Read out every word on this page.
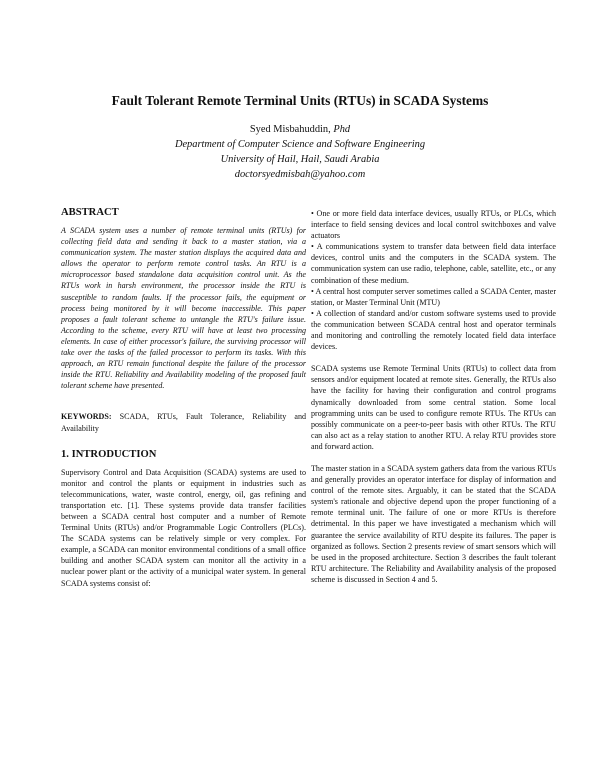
Fault Tolerant Remote Terminal Units (RTUs) in SCADA Systems
Syed Misbahuddin, Phd
Department of Computer Science and Software Engineering
University of Hail, Hail, Saudi Arabia
doctorsyedmisbah@yahoo.com
ABSTRACT

A SCADA system uses a number of remote terminal units (RTUs) for collecting field data and sending it back to a master station, via a communication system. The master station displays the acquired data and allows the operator to perform remote control tasks. An RTU is a microprocessor based standalone data acquisition control unit. As the RTUs work in harsh environment, the processor inside the RTU is susceptible to random faults. If the processor fails, the equipment or process being monitored by it will become inaccessible. This paper proposes a fault tolerant scheme to untangle the RTU's failure issue. According to the scheme, every RTU will have at least two processing elements. In case of either processor's failure, the surviving processor will take over the tasks of the failed processor to perform its tasks. With this approach, an RTU remain functional despite the failure of the processor inside the RTU. Reliability and Availability modeling of the proposed fault tolerant scheme have presented.

KEYWORDS: SCADA, RTUs, Fault Tolerance, Reliability and Availability

1. INTRODUCTION

Supervisory Control and Data Acquisition (SCADA) systems are used to monitor and control the plants or equipment in industries such as telecommunications, water, waste control, energy, oil, gas refining and transportation etc. [1]. These systems provide data transfer facilities between a SCADA central host computer and a number of Remote Terminal Units (RTUs) and/or Programmable Logic Controllers (PLCs). The SCADA systems can be relatively simple or very complex. For example, a SCADA can monitor environmental conditions of a small office building and another SCADA system can monitor all the activity in a nuclear power plant or the activity of a municipal water system. In general SCADA systems consist of:

• One or more field data interface devices, usually RTUs, or PLCs, which interface to field sensing devices and local control switchboxes and valve actuators

• A communications system to transfer data between field data interface devices, control units and the computers in the SCADA system. The communication system can use radio, telephone, cable, satellite, etc., or any combination of these medium.

• A central host computer server sometimes called a SCADA Center, master station, or Master Terminal Unit (MTU)

• A collection of standard and/or custom software systems used to provide the communication between SCADA central host and operator terminals and monitoring and controlling the remotely located field data interface devices.

SCADA systems use Remote Terminal Units (RTUs) to collect data from sensors and/or equipment located at remote sites. Generally, the RTUs also have the facility for having their configuration and control programs dynamically downloaded from some central station. Some local programming units can be used to configure remote RTUs. The RTUs can possibly communicate on a peer-to-peer basis with other RTUs. The RTU can also act as a relay station to another RTU. A relay RTU provides store and forward action.

The master station in a SCADA system gathers data from the various RTUs and generally provides an operator interface for display of information and control of the remote sites. Arguably, it can be stated that the SCADA system's rationale and objective depend upon the proper functioning of a remote terminal unit. The failure of one or more RTUs is therefore detrimental. In this paper we have investigated a mechanism which will guarantee the service availability of RTU despite its failures. The paper is organized as follows. Section 2 presents review of smart sensors which will be used in the proposed architecture. Section 3 describes the fault tolerant RTU architecture. The Reliability and Availability analysis of the proposed scheme is discussed in Section 4 and 5.
